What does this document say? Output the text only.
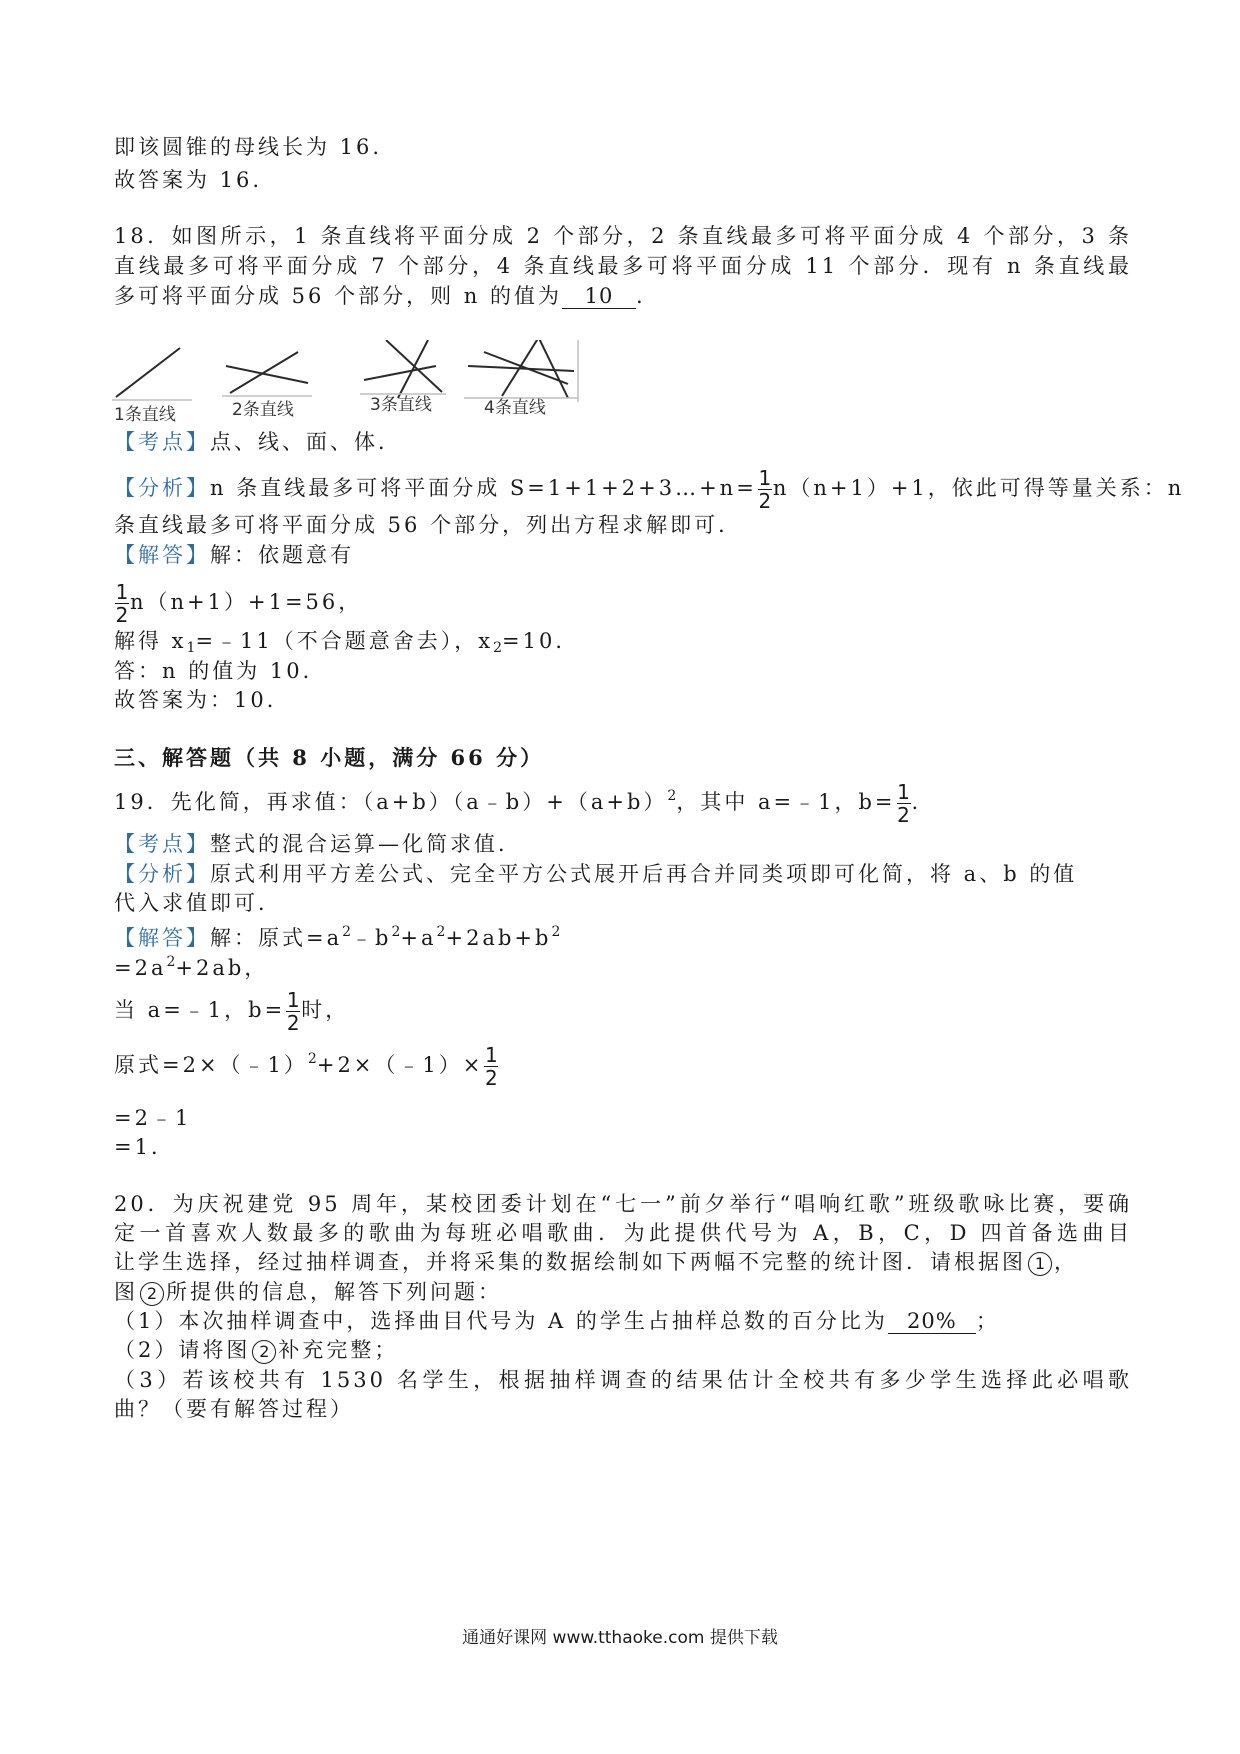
即该圆锥的母线长为 16.
故答案为 16.
18．如图所示，1 条直线将平面分成 2 个部分，2 条直线最多可将平面分成 4 个部分，3 条
直线最多可将平面分成 7 个部分，4 条直线最多可将平面分成 11 个部分．现有 n 条直线最
多可将平面分成 56 个部分，则 n 的值为 10 .
1条直线	2条直线	3条直线	4条直线
【考点】点、线、面、体．
【分析】n 条直线最多可将平面分成 S=1+1+2+3…+n= $\frac{1}{2} n(n+1)+1$，依此可得等量关系：n
条直线最多可将平面分成 56 个部分，列出方程求解即可．
【解答】解：依题意有
$\frac{1}{2} n(n+1)+1=56$，
解得 $x_1=﹣11$（不合题意舍去），$x_2=10$．
答：n 的值为 10．
故答案为：10．
三、解答题（共 8 小题，满分 66 分）
19．先化简，再求值：$(a+b)(a﹣b)+(a+b)^2$，其中 a=﹣1，$b= \frac{1}{2}$ .
【考点】整式的混合运算—化简求值．
【分析】原式利用平方差公式、完全平方公式展开后再合并同类项即可化简，将 a、b 的值
代入求值即可．
【解答】解：原式$=a^2﹣b^2+a^2+2ab+b^2$
$=2a^2+2ab$，
当 a=﹣1，$b= \frac{1}{2}$ 时，
原式=2×（﹣1）$^2$+2×（﹣1）× $\frac{1}{2}$
=2﹣1
=1．
20．为庆祝建党 95 周年，某校团委计划在“七一”前夕举行“唱响红歌”班级歌咏比赛，要确
定一首喜欢人数最多的歌曲为每班必唱歌曲．为此提供代号为 A，B，C，D 四首备选曲目
让学生选择，经过抽样调查，并将采集的数据绘制如下两幅不完整的统计图．请根据图 1 ，
图 2 所提供的信息，解答下列问题：
（1）本次抽样调查中，选择曲目代号为 A 的学生占抽样总数的百分比为 20% ；
（2）请将图 2 补充完整；
（3）若该校共有 1530 名学生，根据抽样调查的结果估计全校共有多少学生选择此必唱歌
曲？（要有解答过程）
通通好课网 www.tthaoke.com 提供下载
